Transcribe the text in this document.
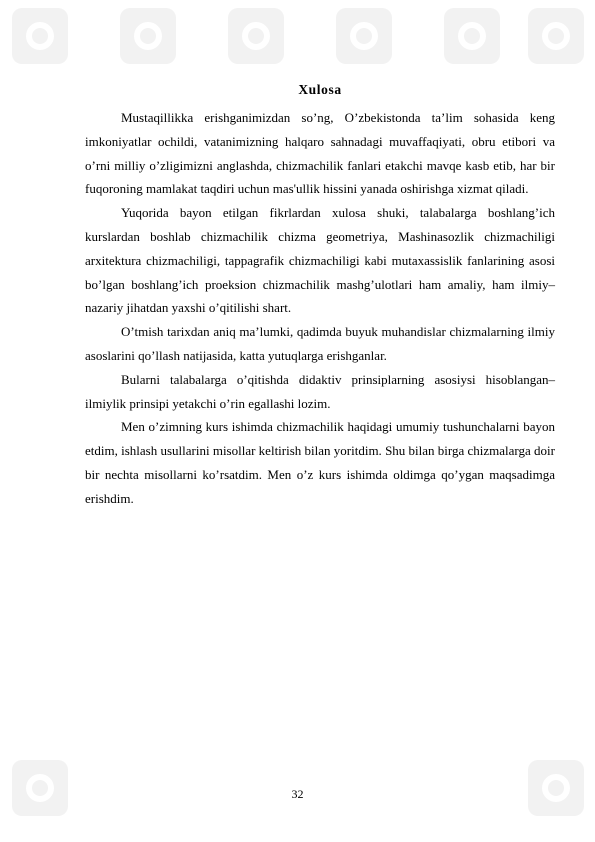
Xulosa

Mustaqillikka erishganimizdan so’ng, O’zbekistonda ta’lim sohasida keng imkoniyatlar ochildi, vatanimizning halqaro sahnadagi muvaffaqiyati, obru etibori va o’rni milliy o’zligimizni anglashda, chizmachilik fanlari etakchi mavqe kasb etib, har bir fuqoroning mamlakat taqdiri uchun mas'ullik hissini yanada oshirishga xizmat qiladi.

Yuqorida bayon etilgan fikrlardan xulosa shuki, talabalarga boshlang’ich kurslardan boshlab chizmachilik chizma geometriya, Mashinasozlik chizmachiligi arxitektura chizmachiligi, tappagrafik chizmachiligi kabi mutaxassislik fanlarining asosi bo’lgan boshlang’ich proeksion chizmachilik mashg’ulotlari ham amaliy, ham ilmiy–nazariy jihatdan yaxshi o’qitilishi shart.

O’tmish tarixdan aniq ma’lumki, qadimda buyuk muhandislar chizmalarning ilmiy asoslarini qo’llash natijasida, katta yutuqlarga erishganlar.

Bularni talabalarga o’qitishda didaktiv prinsiplarning asosiysi hisoblangan–ilmiylik prinsipi yetakchi o’rin egallashi lozim.

Men o’zimning kurs ishimda chizmachilik haqidagi umumiy tushunchalarni bayon etdim, ishlash usullarini misollar keltirish bilan yoritdim. Shu bilan birga chizmalarga doir bir nechta misollarni ko’rsatdim. Men o’z kurs ishimda oldimga qo’ygan maqsadimga erishdim.

32
